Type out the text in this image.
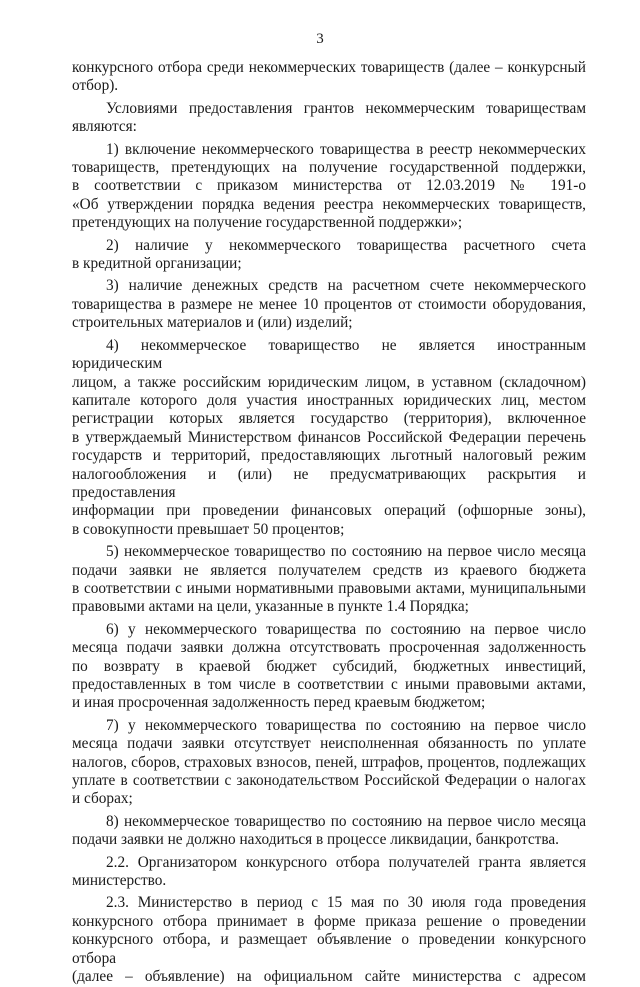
3
конкурсного отбора среди некоммерческих товариществ (далее – конкурсный
отбор).
Условиями предоставления грантов некоммерческим товариществам
являются:
1) включение некоммерческого товарищества в реестр некоммерческих
товариществ, претендующих на получение государственной поддержки,
в соответствии с приказом министерства от 12.03.2019 № 191-о
«Об утверждении порядка ведения реестра некоммерческих товариществ,
претендующих на получение государственной поддержки»;
2) наличие у некоммерческого товарищества расчетного счета
в кредитной организации;
3) наличие денежных средств на расчетном счете некоммерческого
товарищества в размере не менее 10 процентов от стоимости оборудования,
строительных материалов и (или) изделий;
4) некоммерческое товарищество не является иностранным юридическим
лицом, а также российским юридическим лицом, в уставном (складочном)
капитале которого доля участия иностранных юридических лиц, местом
регистрации которых является государство (территория), включенное
в утверждаемый Министерством финансов Российской Федерации перечень
государств и территорий, предоставляющих льготный налоговый режим
налогообложения и (или) не предусматривающих раскрытия и предоставления
информации при проведении финансовых операций (офшорные зоны),
в совокупности превышает 50 процентов;
5) некоммерческое товарищество по состоянию на первое число месяца
подачи заявки не является получателем средств из краевого бюджета
в соответствии с иными нормативными правовыми актами, муниципальными
правовыми актами на цели, указанные в пункте 1.4 Порядка;
6) у некоммерческого товарищества по состоянию на первое число
месяца подачи заявки должна отсутствовать просроченная задолженность
по возврату в краевой бюджет субсидий, бюджетных инвестиций,
предоставленных в том числе в соответствии с иными правовыми актами,
и иная просроченная задолженность перед краевым бюджетом;
7) у некоммерческого товарищества по состоянию на первое число
месяца подачи заявки отсутствует неисполненная обязанность по уплате
налогов, сборов, страховых взносов, пеней, штрафов, процентов, подлежащих
уплате в соответствии с законодательством Российской Федерации о налогах
и сборах;
8) некоммерческое товарищество по состоянию на первое число месяца
подачи заявки не должно находиться в процессе ликвидации, банкротства.
2.2. Организатором конкурсного отбора получателей гранта является
министерство.
2.3. Министерство в период с 15 мая по 30 июля года проведения
конкурсного отбора принимает в форме приказа решение о проведении
конкурсного отбора, и размещает объявление о проведении конкурсного отбора
(далее – объявление) на официальном сайте министерства с адресом
